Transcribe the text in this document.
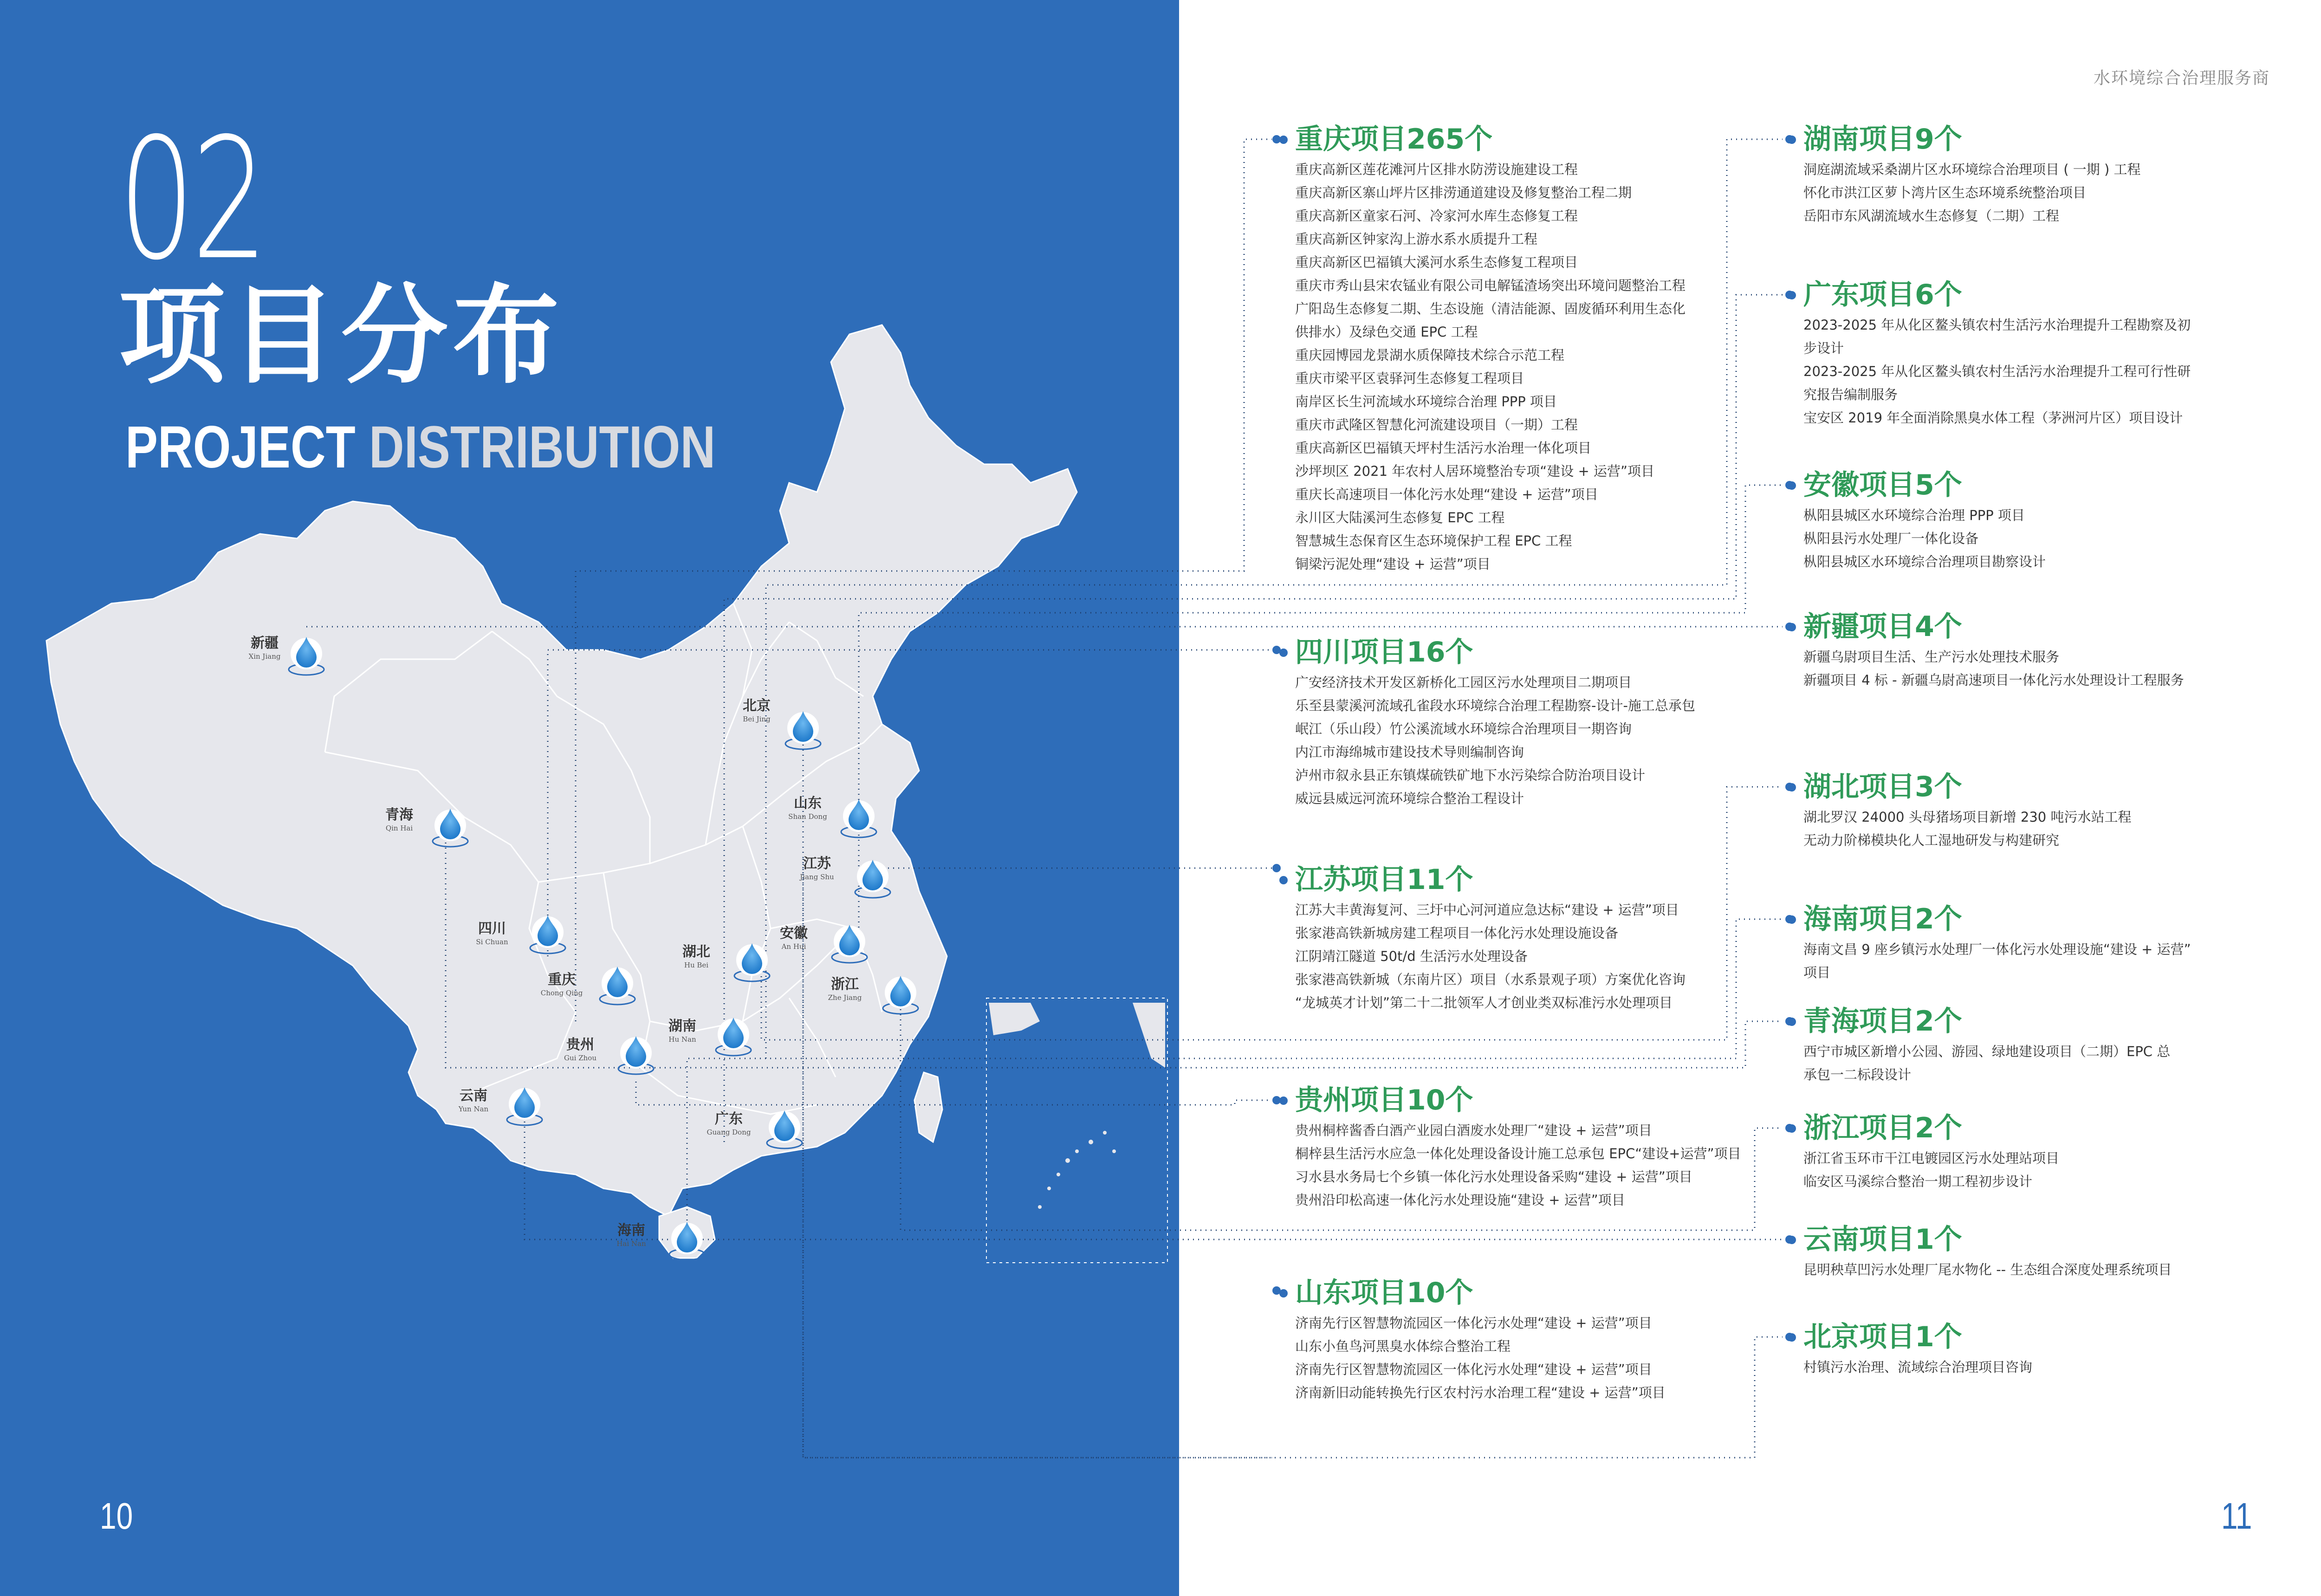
水环境综合治理服务商
02
项目分布
PROJECT DISTRIBUTION
10	11
新疆
Xin Jiang
青海
Qin Hai
北京
Bei Jing
山东
Shan Dong
江苏
Jiang Shu
安徽
An Hui
四川
Si Chuan
湖北
Hu Bei
浙江
Zhe Jiang
重庆
Chong Qing
湖南
Hu Nan
贵州
Gui Zhou
云南
Yun Nan
广东
Guang Dong
海南
Hai Nan
重庆项目265个
重庆高新区莲花滩河片区排水防涝设施建设工程
重庆高新区寨山坪片区排涝通道建设及修复整治工程二期
重庆高新区童家石河、冷家河水库生态修复工程
重庆高新区钟家沟上游水系水质提升工程
重庆高新区巴福镇大溪河水系生态修复工程项目
重庆市秀山县宋农锰业有限公司电解锰渣场突出环境问题整治工程
广阳岛生态修复二期、生态设施（清洁能源、固废循环利用生态化
供排水）及绿色交通 EPC 工程
重庆园博园龙景湖水质保障技术综合示范工程
重庆市梁平区袁驿河生态修复工程项目
南岸区长生河流域水环境综合治理 PPP 项目
重庆市武隆区智慧化河流建设项目（一期）工程
重庆高新区巴福镇天坪村生活污水治理一体化项目
沙坪坝区 2021 年农村人居环境整治专项“建设 + 运营”项目
重庆长高速项目一体化污水处理“建设 + 运营”项目
永川区大陆溪河生态修复 EPC 工程
智慧城生态保育区生态环境保护工程 EPC 工程
铜梁污泥处理“建设 + 运营”项目
四川项目16个
广安经济技术开发区新桥化工园区污水处理项目二期项目
乐至县蒙溪河流域孔雀段水环境综合治理工程勘察-设计-施工总承包
岷江（乐山段）竹公溪流域水环境综合治理项目一期咨询
内江市海绵城市建设技术导则编制咨询
泸州市叙永县正东镇煤硫铁矿地下水污染综合防治项目设计
威远县威远河流环境综合整治工程设计
江苏项目11个
江苏大丰黄海复河、三圩中心河河道应急达标“建设 + 运营”项目
张家港高铁新城房建工程项目一体化污水处理设施设备
江阴靖江隧道 50t/d 生活污水处理设备
张家港高铁新城（东南片区）项目（水系景观子项）方案优化咨询
“龙城英才计划”第二十二批领军人才创业类双标准污水处理项目
贵州项目10个
贵州桐梓酱香白酒产业园白酒废水处理厂“建设 + 运营”项目
桐梓县生活污水应急一体化处理设备设计施工总承包 EPC“建设+运营”项目
习水县水务局七个乡镇一体化污水处理设备采购“建设 + 运营”项目
贵州沿印松高速一体化污水处理设施“建设 + 运营”项目
山东项目10个
济南先行区智慧物流园区一体化污水处理“建设 + 运营”项目
山东小鱼鸟河黑臭水体综合整治工程
济南先行区智慧物流园区一体化污水处理“建设 + 运营”项目
济南新旧动能转换先行区农村污水治理工程“建设 + 运营”项目
湖南项目9个
洞庭湖流域采桑湖片区水环境综合治理项目 ( 一期 ) 工程
怀化市洪江区萝卜湾片区生态环境系统整治项目
岳阳市东风湖流域水生态修复（二期）工程
广东项目6个
2023-2025 年从化区鳌头镇农村生活污水治理提升工程勘察及初
步设计
2023-2025 年从化区鳌头镇农村生活污水治理提升工程可行性研
究报告编制服务
宝安区 2019 年全面消除黑臭水体工程（茅洲河片区）项目设计
安徽项目5个
枞阳县城区水环境综合治理 PPP 项目
枞阳县污水处理厂一体化设备
枞阳县城区水环境综合治理项目勘察设计
新疆项目4个
新疆乌尉项目生活、生产污水处理技术服务
新疆项目 4 标 - 新疆乌尉高速项目一体化污水处理设计工程服务
湖北项目3个
湖北罗汉 24000 头母猪场项目新增 230 吨污水站工程
无动力阶梯模块化人工湿地研发与构建研究
海南项目2个
海南文昌 9 座乡镇污水处理厂一体化污水处理设施“建设 + 运营”
项目
青海项目2个
西宁市城区新增小公园、游园、绿地建设项目（二期）EPC 总
承包一二标段设计
浙江项目2个
浙江省玉环市干江电镀园区污水处理站项目
临安区马溪综合整治一期工程初步设计
云南项目1个
昆明秧草凹污水处理厂尾水物化 -- 生态组合深度处理系统项目
北京项目1个
村镇污水治理、流域综合治理项目咨询
